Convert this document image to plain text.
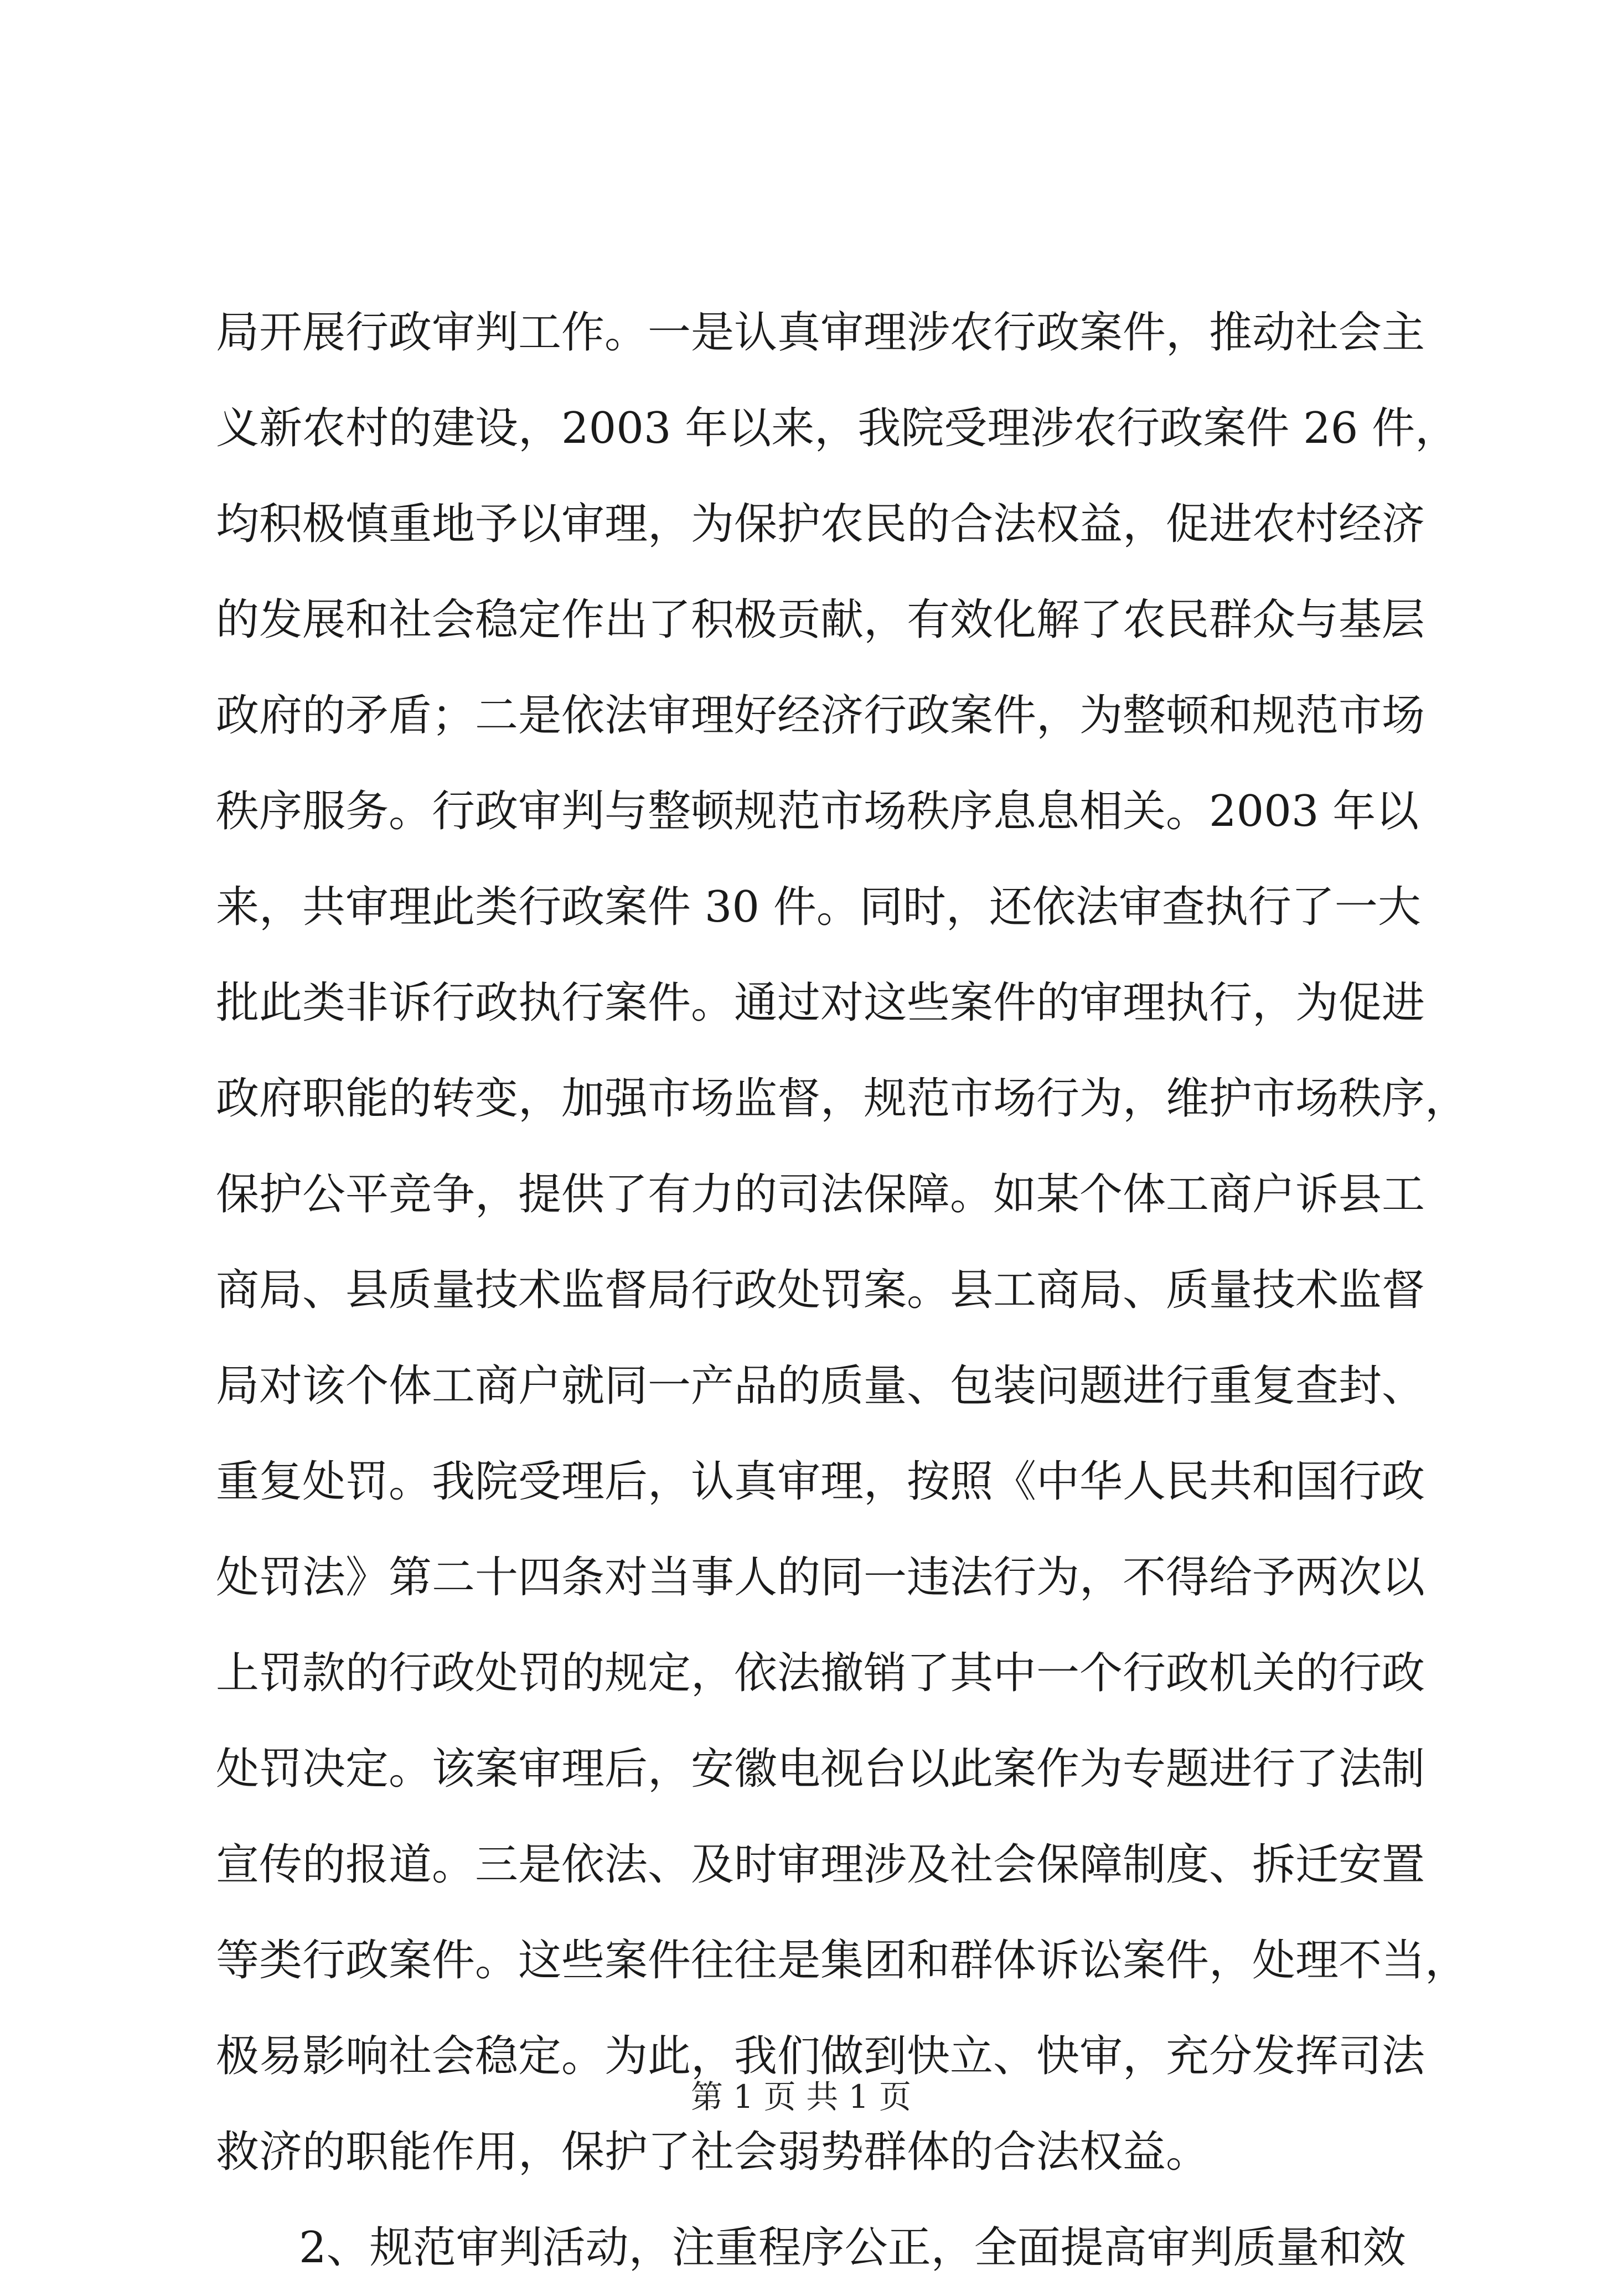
局开展行政审判工作。一是认真审理涉农行政案件，推动社会主
义新农村的建设，2003 年以来，我院受理涉农行政案件 26 件，
均积极慎重地予以审理，为保护农民的合法权益，促进农村经济
的发展和社会稳定作出了积极贡献，有效化解了农民群众与基层
政府的矛盾；二是依法审理好经济行政案件，为整顿和规范市场
秩序服务。行政审判与整顿规范市场秩序息息相关。2003 年以
来，共审理此类行政案件 30 件。同时，还依法审查执行了一大
批此类非诉行政执行案件。通过对这些案件的审理执行，为促进
政府职能的转变，加强市场监督，规范市场行为，维护市场秩序，
保护公平竞争，提供了有力的司法保障。如某个体工商户诉县工
商局、县质量技术监督局行政处罚案。县工商局、质量技术监督
局对该个体工商户就同一产品的质量、包装问题进行重复查封、
重复处罚。我院受理后，认真审理，按照《中华人民共和国行政
处罚法》第二十四条对当事人的同一违法行为，不得给予两次以
上罚款的行政处罚的规定，依法撤销了其中一个行政机关的行政
处罚决定。该案审理后，安徽电视台以此案作为专题进行了法制
宣传的报道。三是依法、及时审理涉及社会保障制度、拆迁安置
等类行政案件。这些案件往往是集团和群体诉讼案件，处理不当，
极易影响社会稳定。为此，我们做到快立、快审，充分发挥司法
救济的职能作用，保护了社会弱势群体的合法权益。
2、规范审判活动，注重程序公正，全面提高审判质量和效
第 1 页 共 1 页
